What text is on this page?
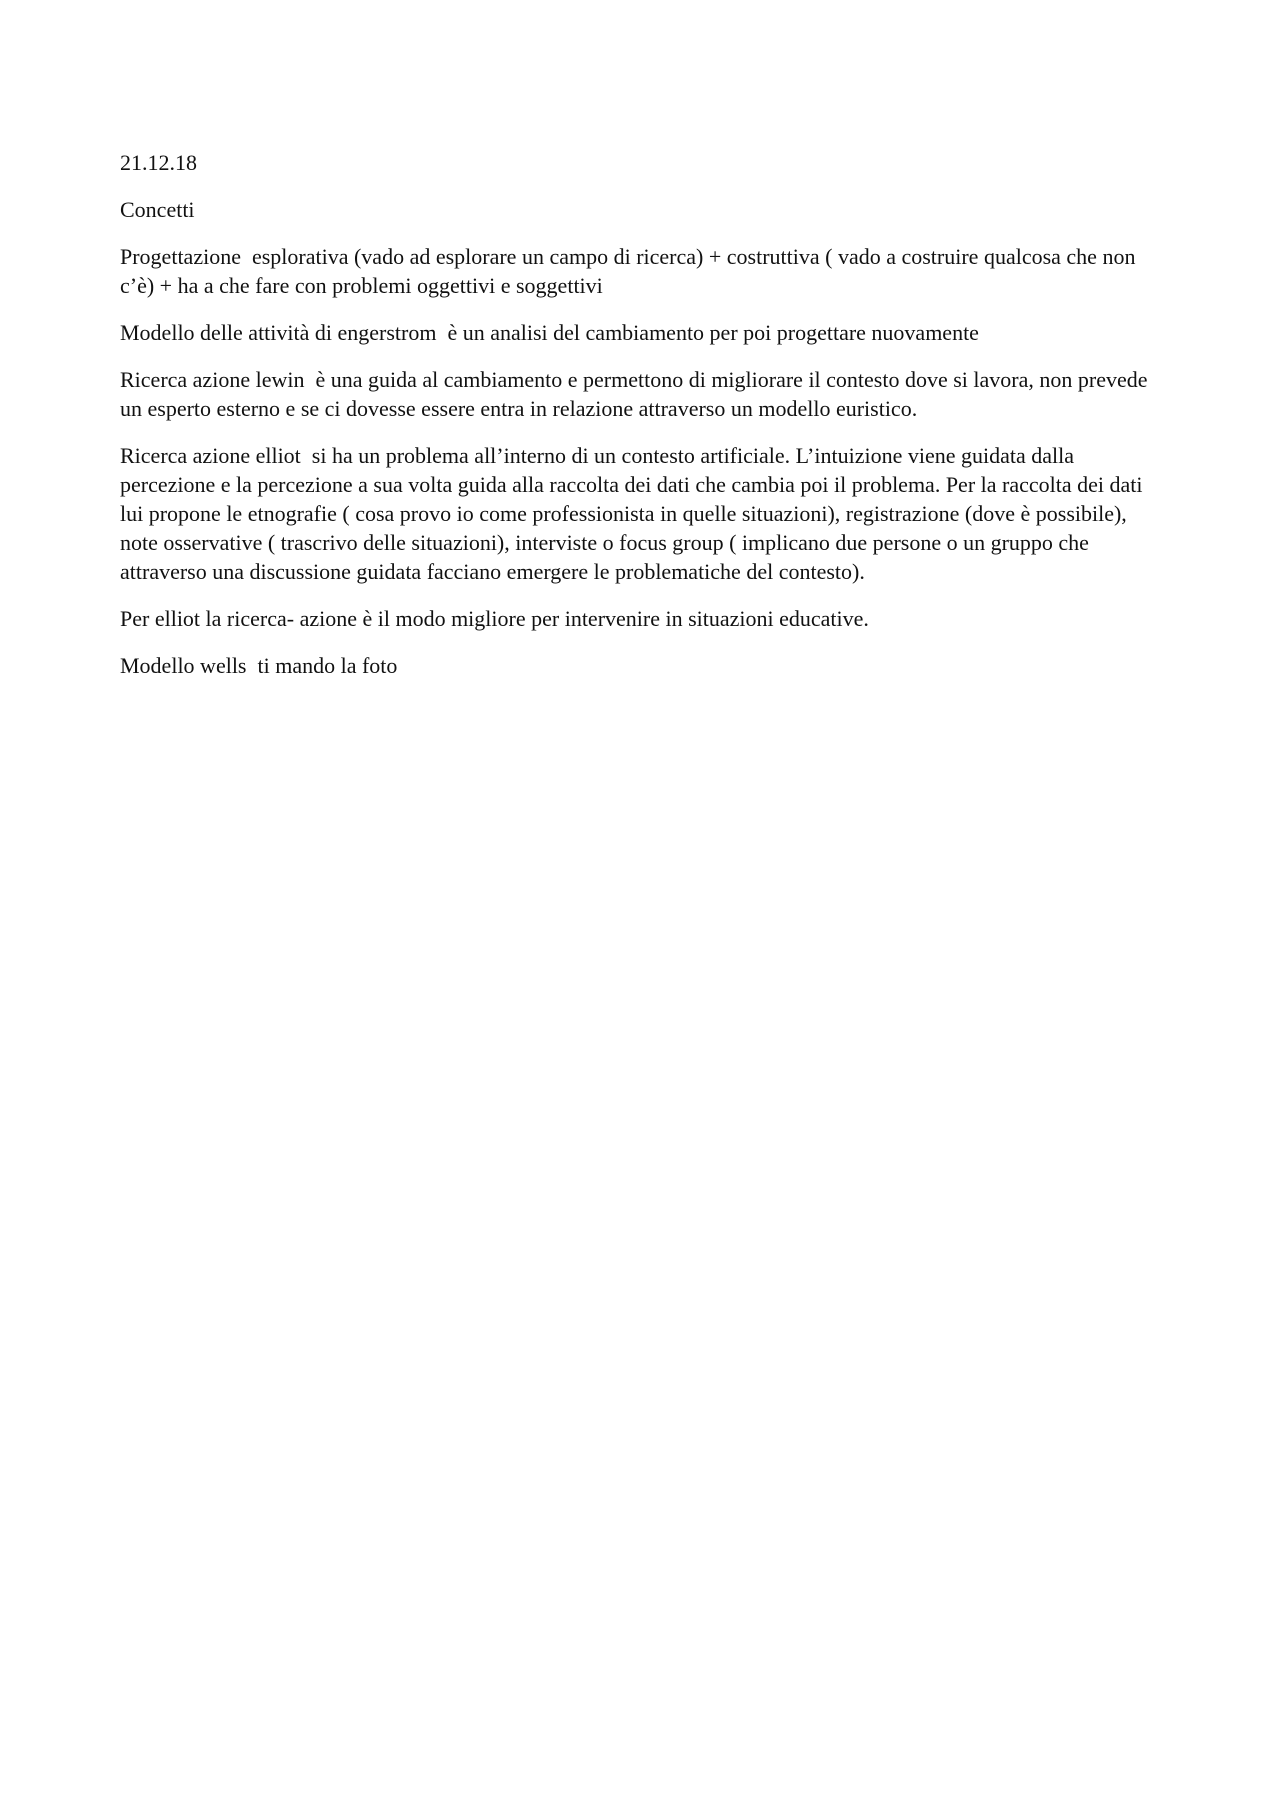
21.12.18

Concetti

Progettazione  esplorativa (vado ad esplorare un campo di ricerca) + costruttiva ( vado a costruire qualcosa che non c’è) + ha a che fare con problemi oggettivi e soggettivi

Modello delle attività di engerstrom  è un analisi del cambiamento per poi progettare nuovamente

Ricerca azione lewin  è una guida al cambiamento e permettono di migliorare il contesto dove si lavora, non prevede un esperto esterno e se ci dovesse essere entra in relazione attraverso un modello euristico.

Ricerca azione elliot  si ha un problema all’interno di un contesto artificiale. L’intuizione viene guidata dalla percezione e la percezione a sua volta guida alla raccolta dei dati che cambia poi il problema. Per la raccolta dei dati lui propone le etnografie ( cosa provo io come professionista in quelle situazioni), registrazione (dove è possibile), note osservative ( trascrivo delle situazioni), interviste o focus group ( implicano due persone o un gruppo che attraverso una discussione guidata facciano emergere le problematiche del contesto).

Per elliot la ricerca- azione è il modo migliore per intervenire in situazioni educative.

Modello wells  ti mando la foto
